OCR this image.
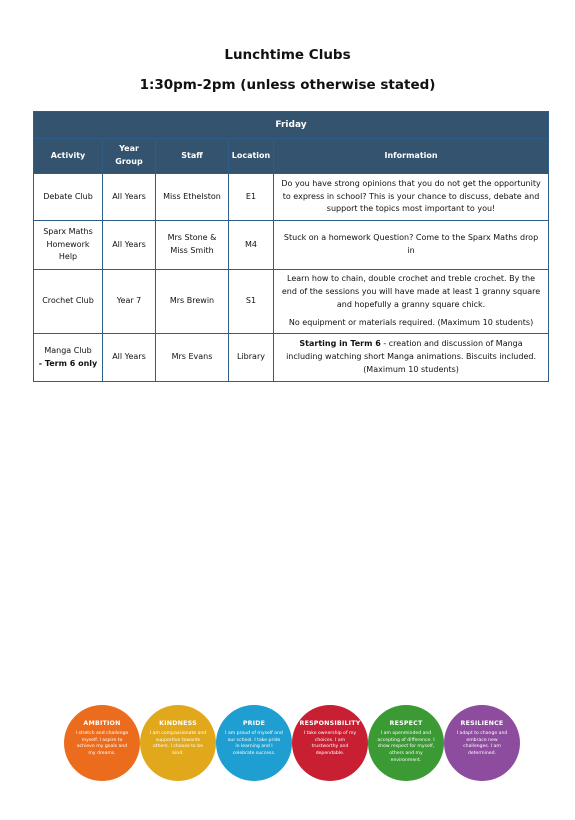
Lunchtime Clubs
1:30pm-2pm (unless otherwise stated)
Friday				
Activity	Year Group	Staff	Location	Information
Debate Club	All Years	Miss Ethelston	E1	Do you have strong opinions that you do not get the opportunity to express in school? This is your chance to discuss, debate and support the topics most important to you!

Sparx Maths Homework Help	All Years	Mrs Stone & Miss Smith	M4	Stuck on a homework Question? Come to the Sparx Maths drop in

Crochet Club	Year 7	Mrs Brewin	S1	Learn how to chain, double crochet and treble crochet. By the end of the sessions you will have made at least 1 granny square and hopefully a granny square chick.

No equipment or materials required. (Maximum 10 students)

Manga Club
- Term 6 only	All Years	Mrs Evans	Library	Starting in Term 6 - creation and discussion of Manga including watching short Manga animations. Biscuits included. (Maximum 10 students)
AMBITION
I stretch and challenge myself. I aspire to achieve my goals and my dreams.
KINDNESS
I am compassionate and supportive towards others. I choose to be kind.
PRIDE
I am proud of myself and our school. I take pride in learning and I celebrate success.
RESPONSIBILITY
I take ownership of my choices. I am trustworthy and dependable.
RESPECT
I am openminded and accepting of difference. I show respect for myself, others and my environment.
RESILIENCE
I adapt to change and embrace new challenges. I am determined.
